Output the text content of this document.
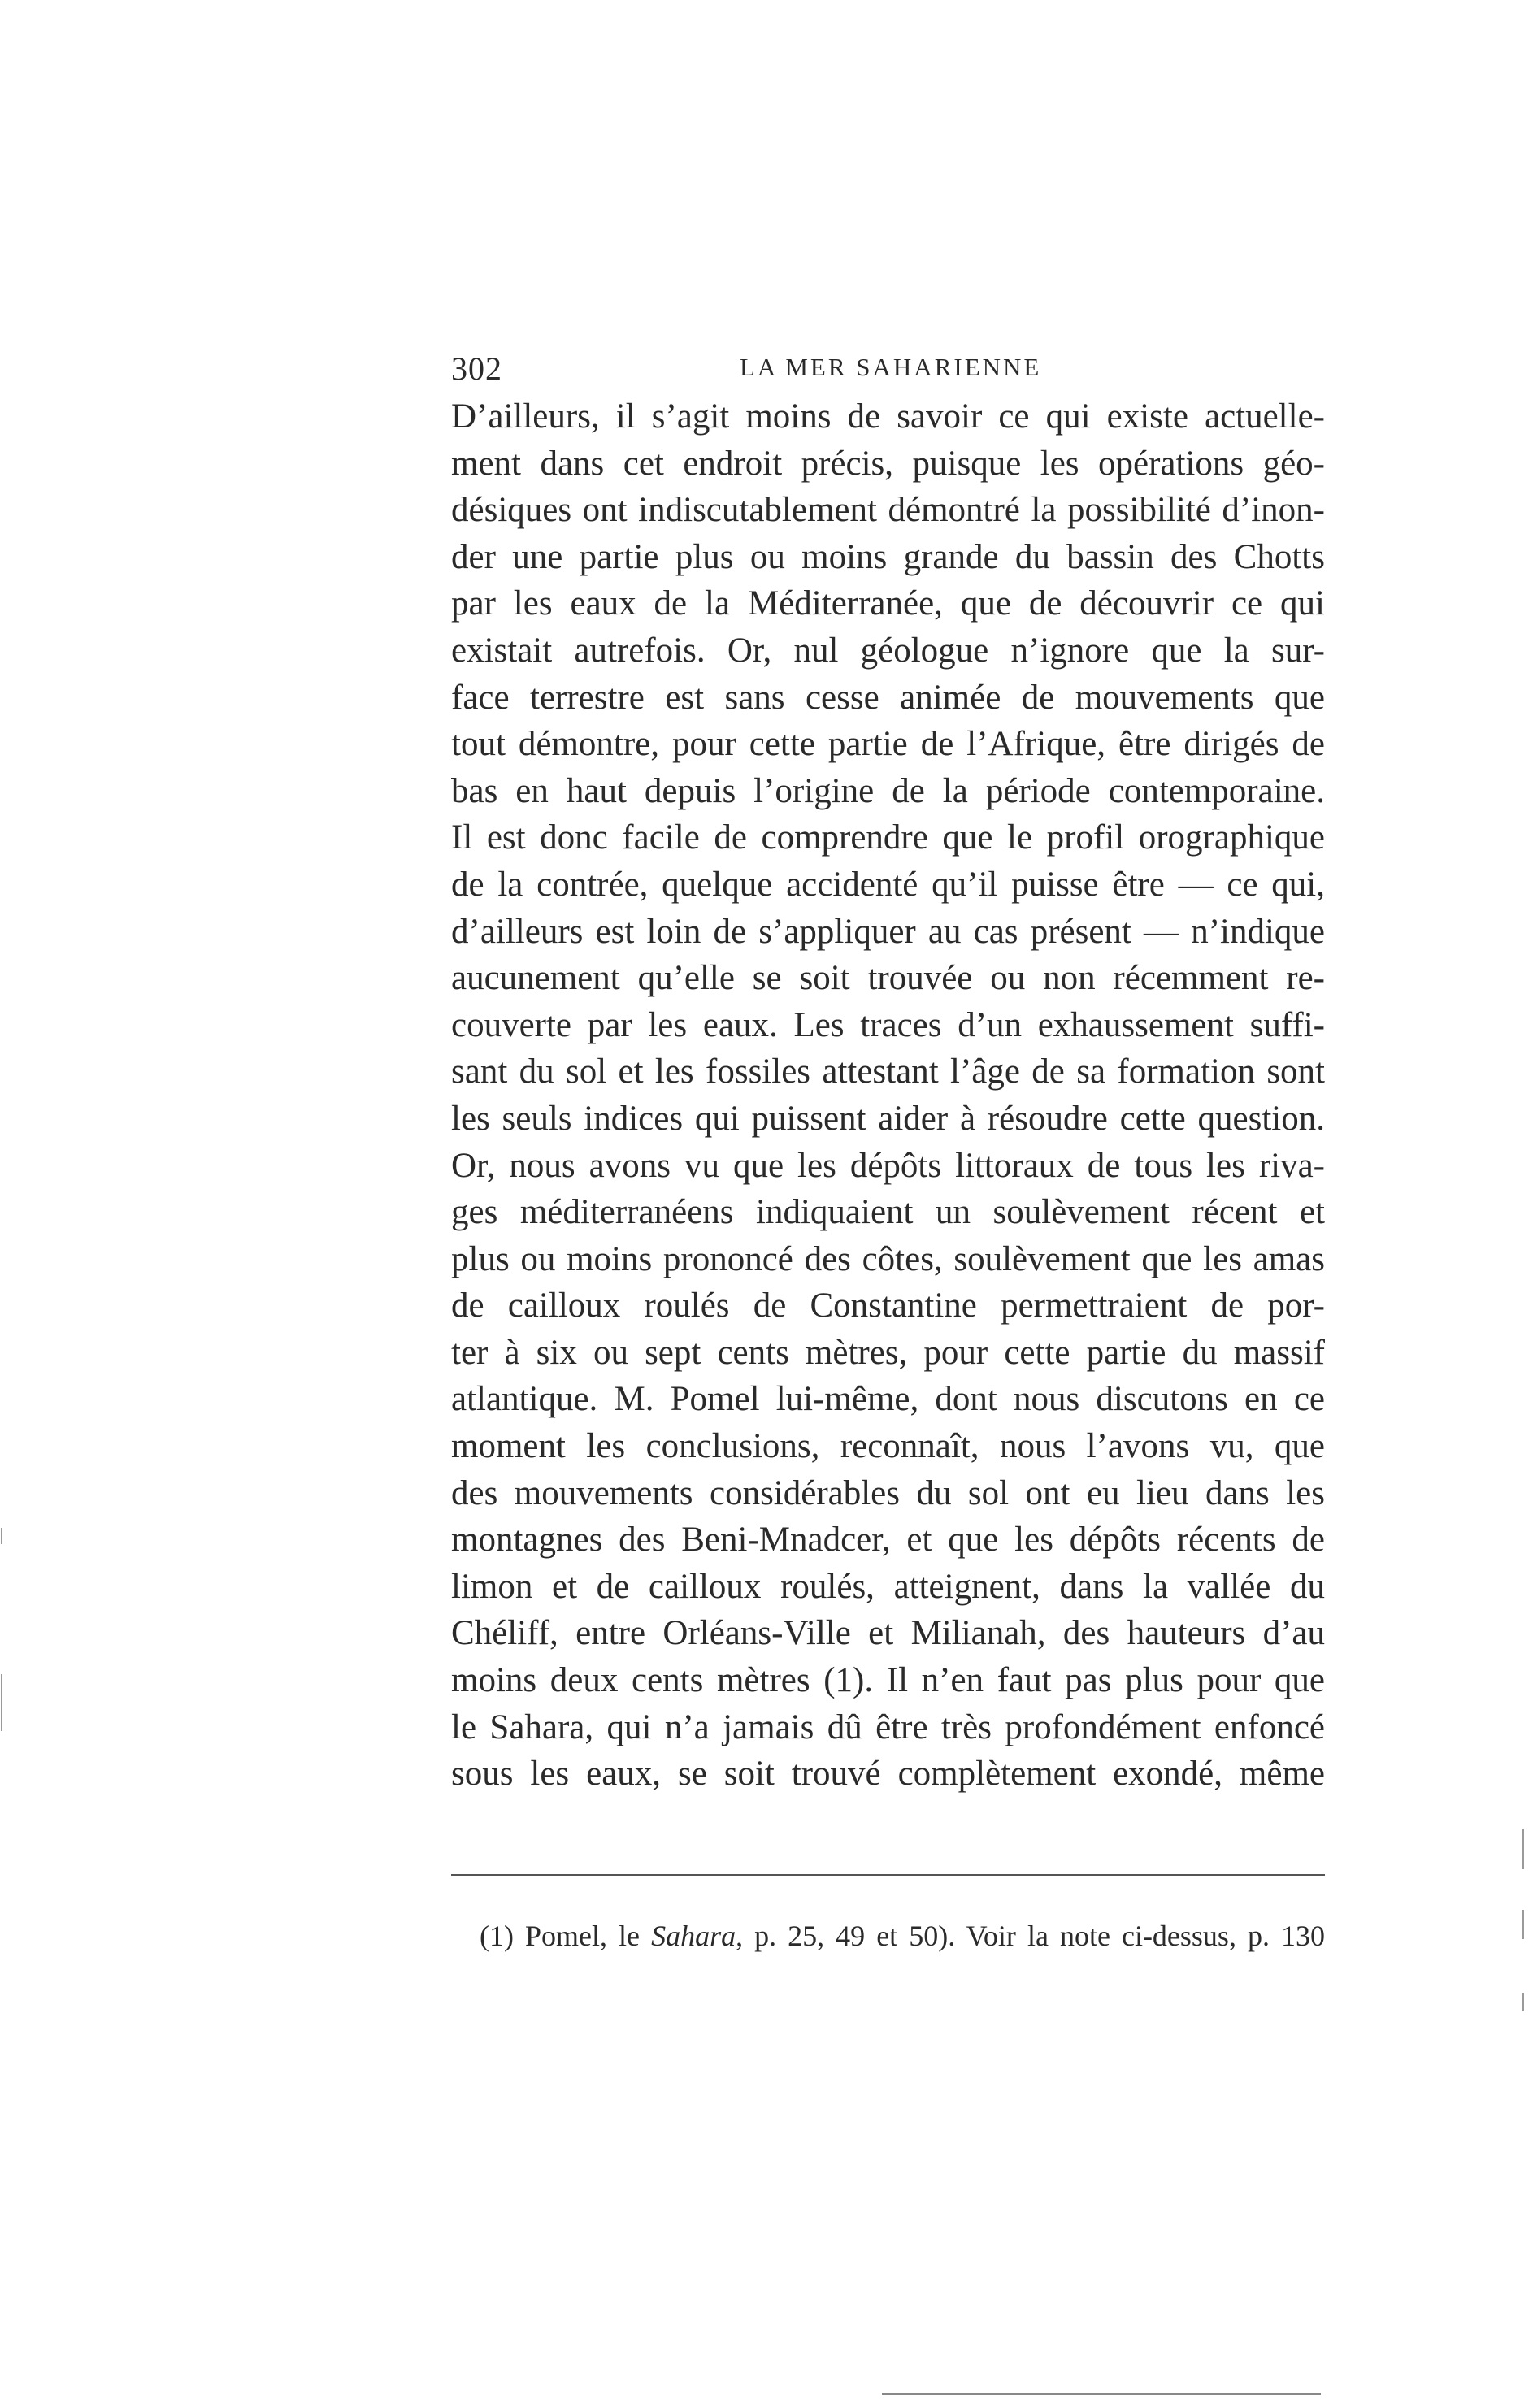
302	LA MER SAHARIENNE
D’ailleurs, il s’agit moins de savoir ce qui existe actuelle-
ment dans cet endroit précis, puisque les opérations géo-
désiques ont indiscutablement démontré la possibilité d’inon-
der une partie plus ou moins grande du bassin des Chotts
par les eaux de la Méditerranée, que de découvrir ce qui
existait autrefois. Or, nul géologue n’ignore que la sur-
face terrestre est sans cesse animée de mouvements que
tout démontre, pour cette partie de l’Afrique, être dirigés de
bas en haut depuis l’origine de la période contemporaine.
Il est donc facile de comprendre que le profil orographique
de la contrée, quelque accidenté qu’il puisse être — ce qui,
d’ailleurs est loin de s’appliquer au cas présent — n’indique
aucunement qu’elle se soit trouvée ou non récemment re-
couverte par les eaux. Les traces d’un exhaussement suffi-
sant du sol et les fossiles attestant l’âge de sa formation sont
les seuls indices qui puissent aider à résoudre cette question.
Or, nous avons vu que les dépôts littoraux de tous les riva-
ges méditerranéens indiquaient un soulèvement récent et
plus ou moins prononcé des côtes, soulèvement que les amas
de cailloux roulés de Constantine permettraient de por-
ter à six ou sept cents mètres, pour cette partie du massif
atlantique. M. Pomel lui-même, dont nous discutons en ce
moment les conclusions, reconnaît, nous l’avons vu, que
des mouvements considérables du sol ont eu lieu dans les
montagnes des Beni-Mnadcer, et que les dépôts récents de
limon et de cailloux roulés, atteignent, dans la vallée du
Chéliff, entre Orléans-Ville et Milianah, des hauteurs d’au
moins deux cents mètres (1). Il n’en faut pas plus pour que
le Sahara, qui n’a jamais dû être très profondément enfoncé
sous les eaux, se soit trouvé complètement exondé, même
(1) Pomel, le Sahara, p. 25, 49 et 50). Voir la note ci-dessus, p. 130
